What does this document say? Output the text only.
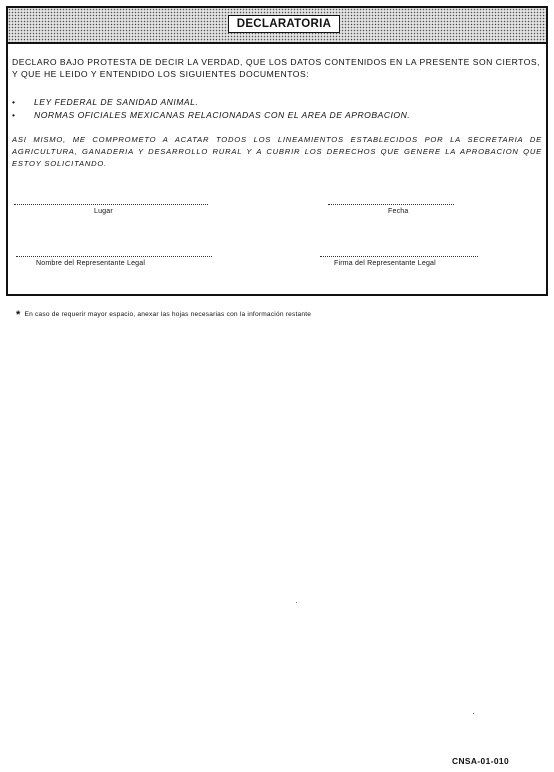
DECLARATORIA

DECLARO BAJO PROTESTA DE DECIR LA VERDAD, QUE LOS DATOS CONTENIDOS EN LA PRESENTE SON CIERTOS, Y QUE HE LEIDO Y ENTENDIDO LOS SIGUIENTES DOCUMENTOS:

• LEY FEDERAL DE SANIDAD ANIMAL.
• NORMAS OFICIALES MEXICANAS RELACIONADAS CON EL AREA DE APROBACION.

ASI MISMO, ME COMPROMETO A ACATAR TODOS LOS LINEAMIENTOS ESTABLECIDOS POR LA SECRETARIA DE AGRICULTURA, GANADERIA Y DESARROLLO RURAL Y A CUBRIR LOS DERECHOS QUE GENERE LA APROBACION QUE ESTOY SOLICITANDO.

Lugar	Fecha
Nombre del Representante Legal	Firma del Representante Legal
* En caso de requerir mayor espacio, anexar las hojas necesarias con la información restante
CNSA-01-010
